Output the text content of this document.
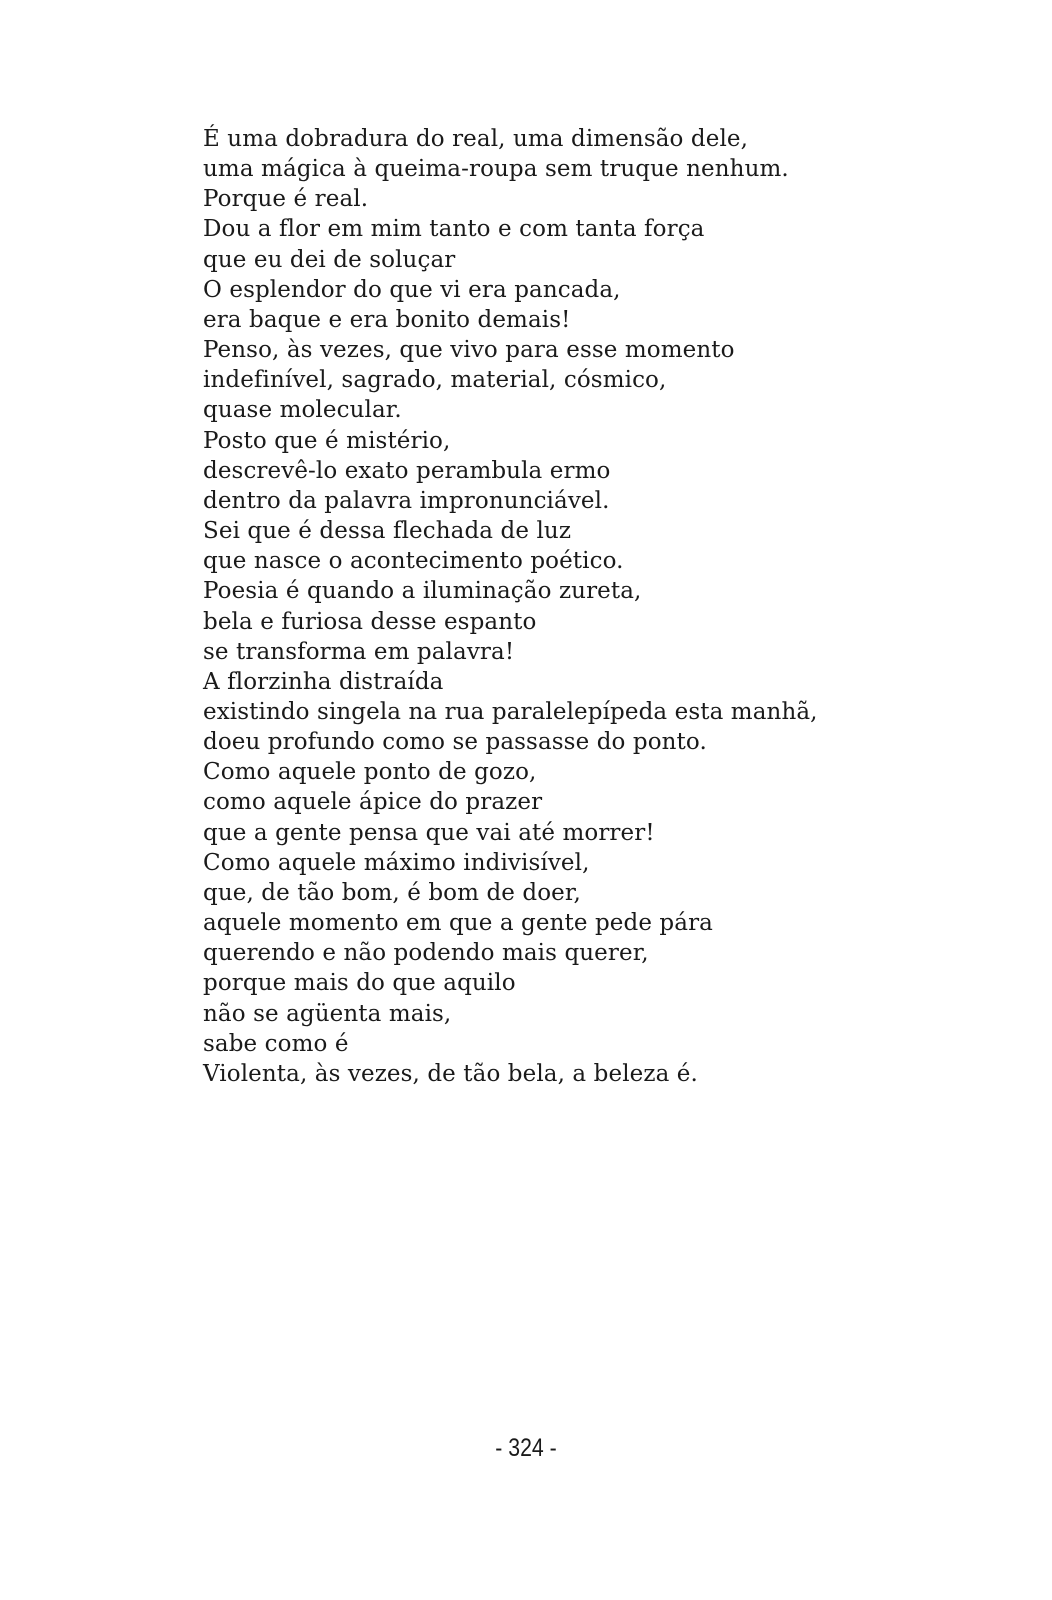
É uma dobradura do real, uma dimensão dele,
uma mágica à queima-roupa sem truque nenhum.
Porque é real.
Dou a flor em mim tanto e com tanta força
que eu dei de soluçar
O esplendor do que vi era pancada,
era baque e era bonito demais!
Penso, às vezes, que vivo para esse momento
indefinível, sagrado, material, cósmico,
quase molecular.
Posto que é mistério,
descrevê-lo exato perambula ermo
dentro da palavra impronunciável.
Sei que é dessa flechada de luz
que nasce o acontecimento poético.
Poesia é quando a iluminação zureta,
bela e furiosa desse espanto
se transforma em palavra!
A florzinha distraída
existindo singela na rua paralelepípeda esta manhã,
doeu profundo como se passasse do ponto.
Como aquele ponto de gozo,
como aquele ápice do prazer
que a gente pensa que vai até morrer!
Como aquele máximo indivisível,
que, de tão bom, é bom de doer,
aquele momento em que a gente pede pára
querendo e não podendo mais querer,
porque mais do que aquilo
não se agüenta mais,
sabe como é
Violenta, às vezes, de tão bela, a beleza é.
- 324 -
